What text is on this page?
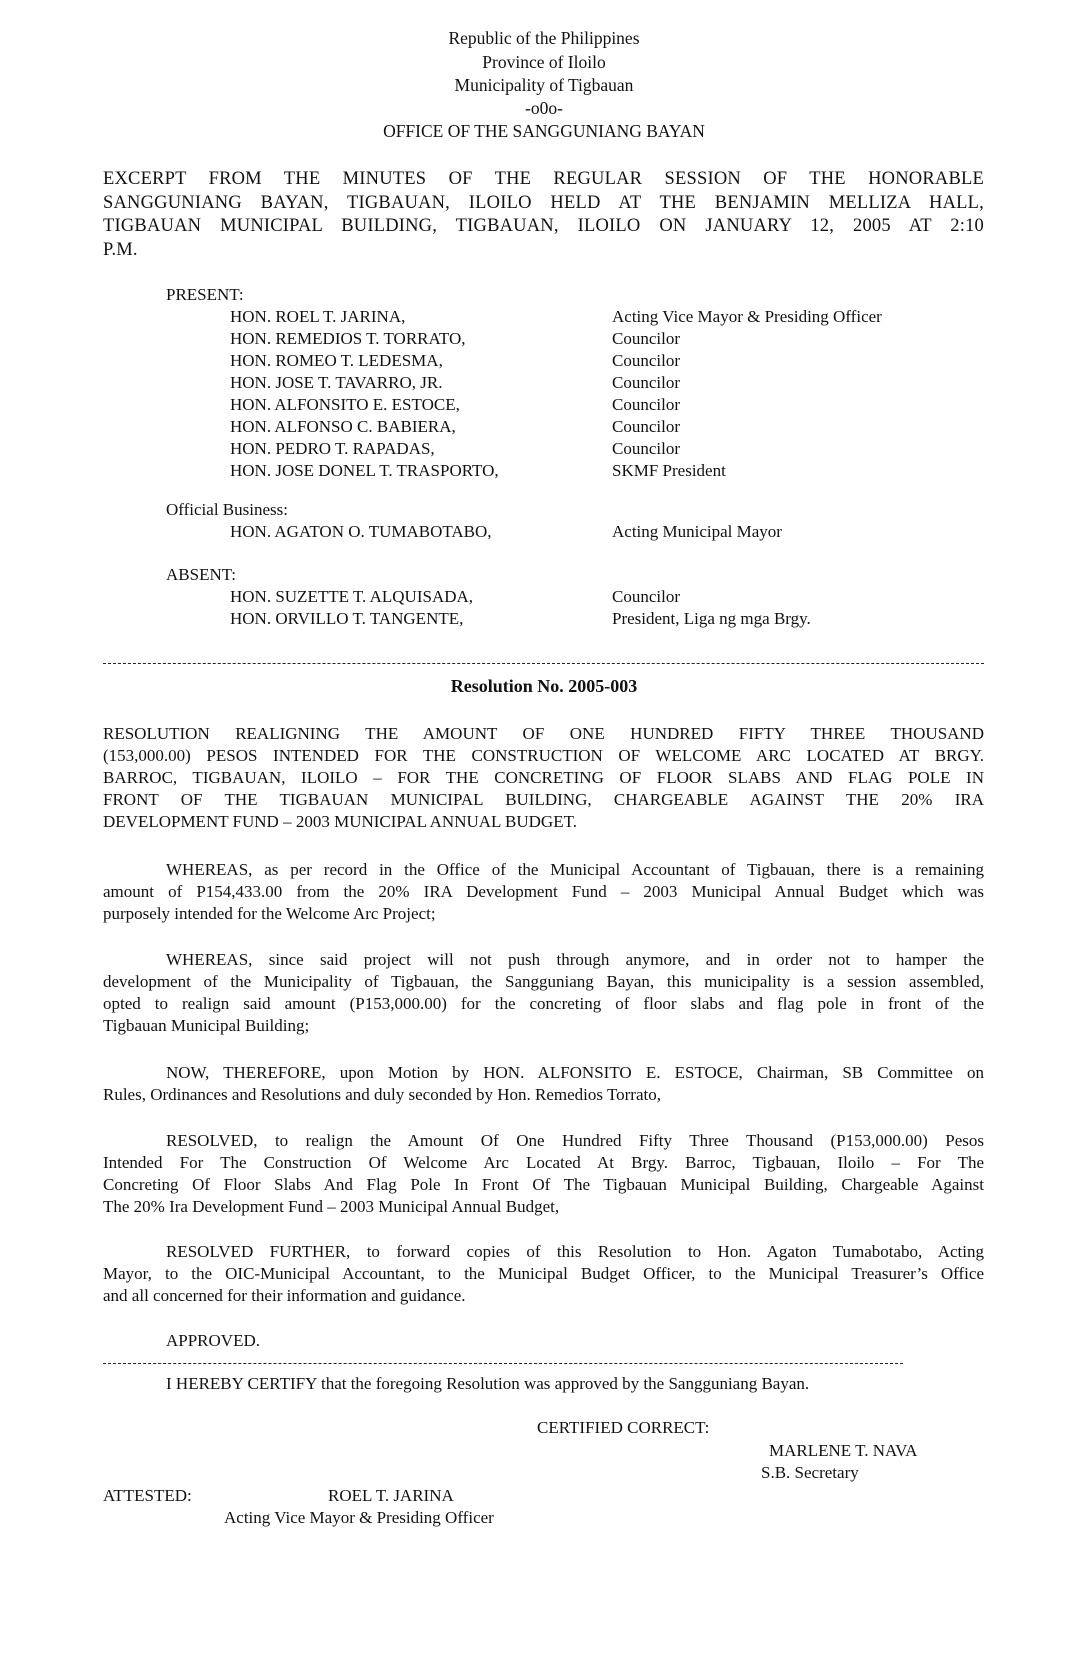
Republic of the Philippines
Province of Iloilo
Municipality of Tigbauan
-o0o-
OFFICE OF THE SANGGUNIANG BAYAN
EXCERPT FROM THE MINUTES OF THE REGULAR SESSION OF THE HONORABLE
SANGGUNIANG BAYAN, TIGBAUAN, ILOILO HELD AT THE BENJAMIN MELLIZA HALL,
TIGBAUAN MUNICIPAL BUILDING, TIGBAUAN, ILOILO ON JANUARY 12, 2005 AT 2:10
P.M.
PRESENT:
HON. ROEL T. JARINA,	Acting Vice Mayor & Presiding Officer
HON. REMEDIOS T. TORRATO,	Councilor
HON. ROMEO T. LEDESMA,	Councilor
HON. JOSE T. TAVARRO, JR.	Councilor
HON. ALFONSITO E. ESTOCE,	Councilor
HON. ALFONSO C. BABIERA,	Councilor
HON. PEDRO T. RAPADAS,	Councilor
HON. JOSE DONEL T. TRASPORTO,	SKMF President
Official Business:
HON. AGATON O. TUMABOTABO,	Acting Municipal Mayor
ABSENT:
HON. SUZETTE T. ALQUISADA,	Councilor
HON. ORVILLO T. TANGENTE,	President, Liga ng mga Brgy.
Resolution No. 2005-003
RESOLUTION REALIGNING THE AMOUNT OF ONE HUNDRED FIFTY THREE THOUSAND
(153,000.00) PESOS INTENDED FOR THE CONSTRUCTION OF WELCOME ARC LOCATED AT BRGY.
BARROC, TIGBAUAN, ILOILO – FOR THE CONCRETING OF FLOOR SLABS AND FLAG POLE IN
FRONT OF THE TIGBAUAN MUNICIPAL BUILDING, CHARGEABLE AGAINST THE 20% IRA
DEVELOPMENT FUND – 2003 MUNICIPAL ANNUAL BUDGET.
WHEREAS, as per record in the Office of the Municipal Accountant of Tigbauan, there is a remaining
amount of P154,433.00 from the 20% IRA Development Fund – 2003 Municipal Annual Budget which was
purposely intended for the Welcome Arc Project;
WHEREAS, since said project will not push through anymore, and in order not to hamper the
development of the Municipality of Tigbauan, the Sangguniang Bayan, this municipality is a session assembled,
opted to realign said amount (P153,000.00) for the concreting of floor slabs and flag pole in front of the
Tigbauan Municipal Building;
NOW, THEREFORE, upon Motion by HON. ALFONSITO E. ESTOCE, Chairman, SB Committee on
Rules, Ordinances and Resolutions and duly seconded by Hon. Remedios Torrato,
RESOLVED, to realign the Amount Of One Hundred Fifty Three Thousand (P153,000.00) Pesos
Intended For The Construction Of Welcome Arc Located At Brgy. Barroc, Tigbauan, Iloilo – For The
Concreting Of Floor Slabs And Flag Pole In Front Of The Tigbauan Municipal Building, Chargeable Against
The 20% Ira Development Fund – 2003 Municipal Annual Budget,
RESOLVED FURTHER, to forward copies of this Resolution to Hon. Agaton Tumabotabo, Acting
Mayor, to the OIC-Municipal Accountant, to the Municipal Budget Officer, to the Municipal Treasurer’s Office
and all concerned for their information and guidance.
APPROVED.
I HEREBY CERTIFY that the foregoing Resolution was approved by the Sangguniang Bayan.
CERTIFIED CORRECT:
MARLENE T. NAVA
S.B. Secretary
ATTESTED:	ROEL T. JARINA
Acting Vice Mayor & Presiding Officer
